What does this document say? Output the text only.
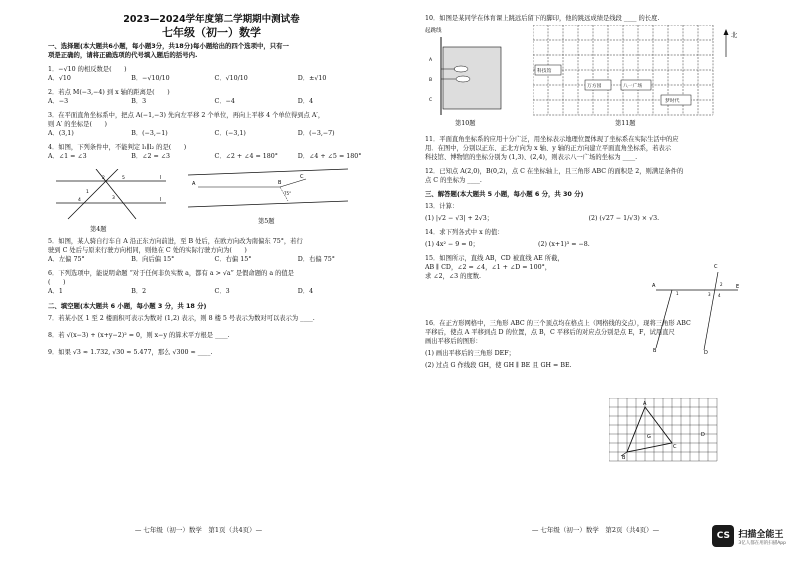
2023—2024学年度第二学期期中测试卷
七年级（初一）数学
一、选择题(本大题共6小题，每小题3分，共18分)每小题给出的四个选项中，只有一
项是正确的，请将正确选项的代号填入题后的括号内.
1．−√10 的相反数是(　　)
A．√10	B．−√10/10	C．√10/10	D．±√10
2．若点 M(−3,−4) 到 x 轴的距离是(　　)
A．−3	B．3	C．−4	D．4
3．在平面直角坐标系中，把点 A(−1,−3) 先向左平移 2 个单位，再向上平移 4 个单位得到点 A′，
则 A′ 的坐标是(　　)
A．(3,1)	B．(−3,−1)	C．(−3,1)	D．(−3,−7)
4．如图，下列条件中，不能判定 l₁∥l₂ 的是(　　)
A．∠1 = ∠3	B．∠2 = ∠3	C．∠2 + ∠4 = 180°	D．∠4 + ∠5 = 180°
l
l
1
2
3
4
5
第4题
A	B
C
75°
第5题
5．如图，某人骑自行车自 A 沿正东方向前进，至 B 处后，在欧方向改为南偏东 75°，若行
驶到 C 处后与原来行驶方向相同，则他在 C 处的实际行驶方向为(　　)
A．左偏 75°	B．向后偏 15°	C．右偏 15°	D．右偏 75°
6．下列选项中，能说明命题 “对于任何非负实数 a，都有 a > √a” 是假命题的 a 的值是
(　　)
A．1	B．2	C．3	D．4
二、填空题(本大题共 6 小题，每小题 3 分，共 18 分)
7．若某小区 1 至 2 楼面积可表示为数对 (1,2) 表示，则 8 楼 5 号表示为数对可以表示为 ____.
8．若 √(x−3) + (x+y−2)² = 0，则 x−y 的算术平方根是 ____.
9．如果 √3 ≈ 1.732, √30 ≈ 5.477，那么 √300 ≈ ____.
— 七年级（初一）数学　第1页（共4页）—
10．如图是某同学在体育课上跳远后留下的脚印，他的跳远成绩是线段 ____ 的长度.
起跳线
A
B
C
第10题
科技馆
万方园	八一广场
梦时代
北
第11题
11．平面直角坐标系的应用十分广泛，用坐标表示地理位置体现了坐标系在实际生活中的应
用．在图中，分别以正东、正北方向为 x 轴、y 轴的正方向建立平面直角坐标系，若表示
科技馆、博物馆的坐标分别为 (1,3)、(2,4)，则表示八一广场的坐标为 ____.
12．已知点 A(2,0)，B(0,2)，点 C 在坐标轴上，且三角形 ABC 的面积是 2，则满足条件的
点 C 的坐标为 ____.
三、解答题(本大题共 5 小题，每小题 6 分，共 30 分)
13．计算：
(1) |√2 − √3| + 2√3；	(2) (√27 − 1/√3) × √3.
14．求下列各式中 x 的值：
(1) 4x² − 9 = 0；	(2) (x+1)³ = −8.
15．如图所示，直线 AB，CD 被直线 AE 所截，
AB ∥ CD，∠2 = ∠4，∠1 + ∠D = 100°，
求 ∠2，∠3 的度数.
A	E
C
B	D
1
2
3 4
16．在正方形网格中，三角形 ABC 的三个顶点均在格点上（网格线的交点），现将三角形 ABC
平移后，使点 A 平移到点 D 的位置，点 B，C 平移后的对应点分别是点 E，F，试用直尺
画出平移后的图形：
(1) 画出平移后的三角形 DEF；
(2) 过点 G 作线段 GH，使 GH ∥ BE 且 GH = BE.
A
B
C
D
G
— 七年级（初一）数学　第2页（共4页）—
CS 扫描全能王
3亿人都在用的扫描App
